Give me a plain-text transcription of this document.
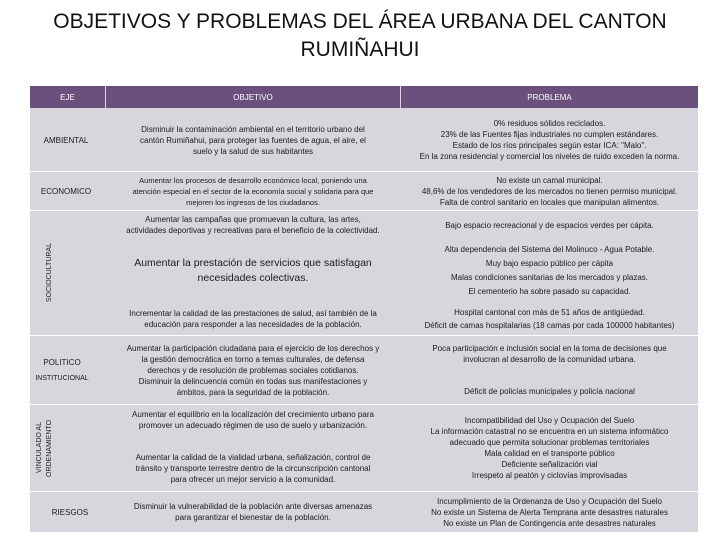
OBJETIVOS Y PROBLEMAS DEL ÁREA URBANA DEL CANTON RUMIÑAHUI
EJE	OBJETIVO	PROBLEMA
AMBIENTAL
ECONOMICO
SOCIOCULTURAL
POLITICO
INSTITUCIONAL
VINCULADO AL ORDENAMIENTO
RIESGOS
Disminuir la contaminación ambiental en el territorio urbano del
cantón Rumiñahui, para proteger las fuentes de agua, el aire, el
suelo y la salud de sus habitantes
Aumentar los procesos de desarrollo económico local, poniendo una
atención especial en el sector de la economía social y solidaria para que
mejoren los ingresos de los ciudadanos.
Aumentar las campañas que promuevan la cultura, las artes,
actividades deportivas y recreativas para el beneficio de la colectividad.
Aumentar la prestación de servicios que satisfagan
necesidades colectivas.
Incrementar la calidad de las prestaciones de salud, así también de la
educación para responder a las necesidades de la población.
Aumentar la participación ciudadana para el ejercicio de los derechos y
la gestión democrática en torno a temas culturales, de defensa
derechos y de resolución de problemas sociales cotidianos.
Disminuir la delincuencia común en todas sus manifestaciones y
ámbitos, para la seguridad de la población.
Aumentar el equilibrio en la localización del crecimiento urbano para
promover un adecuado régimen de uso de suelo y urbanización.
Aumentar la calidad de la vialidad urbana, señalización, control de
tránsito y transporte terrestre dentro de la circunscripción cantonal
para ofrecer un mejor servicio a la comunidad.
Disminuir la vulnerabilidad de la población ante diversas amenazas
para garantizar el bienestar de la población.
0% residuos sólidos reciclados.
23% de las Fuentes fijas industriales no cumplen estándares.
Estado de los ríos principales según estar ICA: "Malo".
En la zona residencial y comercial los niveles de ruido exceden la norma.
No existe un camal municipal.
48,6% de los vendedores de los mercados no tienen permiso municipal.
Falta de control sanitario en locales que manipulan alimentos.
Bajo espacio recreacional y de espacios verdes per cápita.
Alta dependencia del Sistema del Molinuco - Agua Potable.
Muy bajo espacio público per cápita
Malas condiciones sanitarias de los mercados y plazas.
El cementerio ha sobre pasado su capacidad.
Hospital cantonal con más de 51 años de antigüedad.
Déficit de camas hospitalarias (18 camas por cada 100000 habitantes)
Poca participación e inclusión social en la toma de decisiones que
involucran al desarrollo de la comunidad urbana.
Déficit de policías municipales y policía nacional
Incompatibilidad del Uso y Ocupación del Suelo
La información catastral no se encuentra en un sistema informático
adecuado que permita solucionar problemas territoriales
Mala calidad en el transporte público
Deficiente señalización vial
Irrespeto al peatón y ciclovías improvisadas
Incumplimiento de la Ordenanza de Uso y Ocupación del Suelo
No existe un Sistema de Alerta Temprana ante desastres naturales
No existe un Plan de Contingencia ante desastres naturales
